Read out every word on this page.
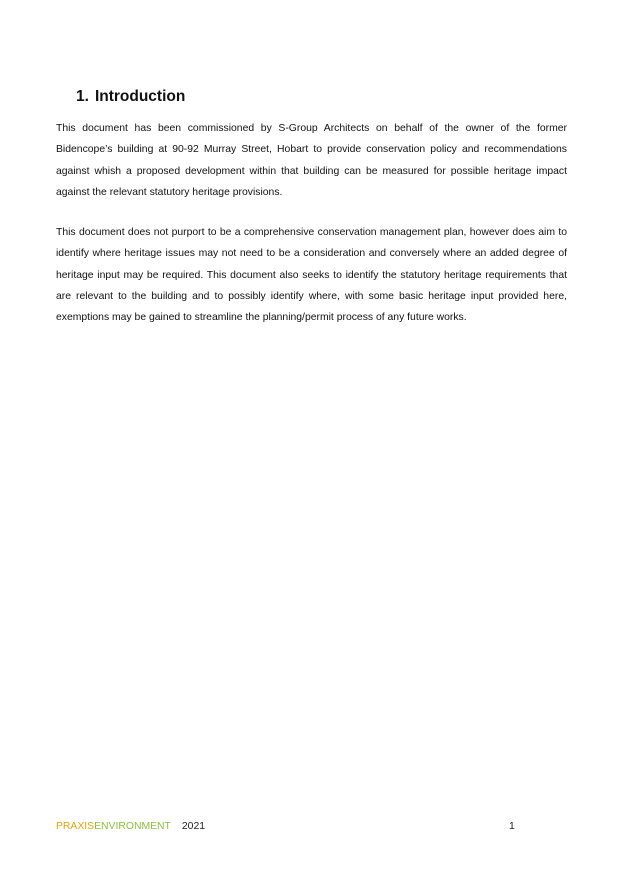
1. Introduction

This document has been commissioned by S-Group Architects on behalf of the owner of the former Bidencope’s building at 90-92 Murray Street, Hobart to provide conservation policy and recommendations against whish a proposed development within that building can be measured for possible heritage impact against the relevant statutory heritage provisions.

This document does not purport to be a comprehensive conservation management plan, however does aim to identify where heritage issues may not need to be a consideration and conversely where an added degree of heritage input may be required. This document also seeks to identify the statutory heritage requirements that are relevant to the building and to possibly identify where, with some basic heritage input provided here, exemptions may be gained to streamline the planning/permit process of any future works.

PRAXISENVIRONMENT 2021	1
